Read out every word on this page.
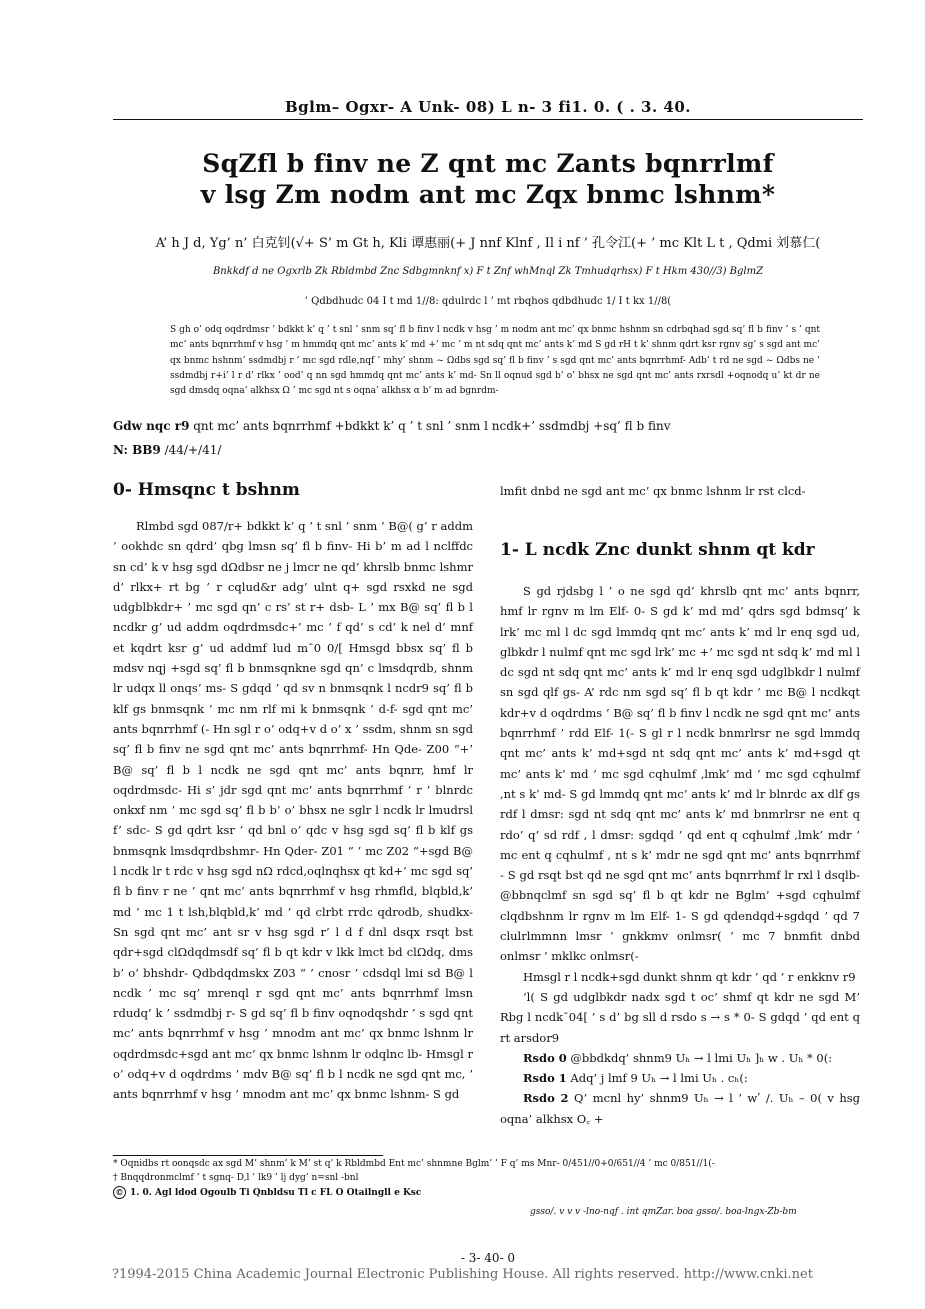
Bglm– Ogxr- A Unk- 08) L n- 3 fi1. 0. ( . 3. 40.
SqZfl b finv ne Z qnt mc Zants bqnrrlmf
v lsg Zm nodm ant mc Zqx bnmc lshnm*
A’ h J d, Yg’ n’ 白克钊(√+ S’ m Gt h, Kli 谭惠丽(+ J nnf Klnf , Il i nf ’ 孔令江(+ ’ mc Klt L t , Qdmi 刘慕仁(
Bnkkdf d ne Ogxrlb Zk Rbldmbd Znc Sdbgmnknf x) F t Znf whMnql Zk Tmhudqrhsx) F t Hkm 430//3) BglmZ
’ Qdbdhudc 04 I t md 1//8: qdulrdc l ’ mt rbqhos qdbdhudc 1/ I t kx 1//8(
S gh o’ odq oqdrdmsr ’ bdkkt k’ q ’ t snl ’ snm sq’ fl b finv l ncdk v hsg ’ m nodm ant mc’ qx bnmc hshnm sn cdrbqhad sgd sq’ fl b finv ’ s ’ qnt mc’ ants bqnrrhmf v hsg ’ m hmmdq qnt mc’ ants k’ md +’ mc ’ m nt sdq qnt mc’ ants k’ md S gd rH t k’ shnm qdrt ksr rgnv sg’ s sgd ant mc’ qx bnmc hshnm’ ssdmdbj r ’ mc sgd rdle,nqf ’ mhy’ shnm ~ Ωdbs sgd sq’ fl b finv ’ s sgd qnt mc’ ants bqnrrhmf- Adb’ t rd ne sgd ~ Ωdbs ne ’ ssdmdbj r+i’ l r d’ rlkx ’ ood’ q nn sgd hmmdq qnt mc’ ants k’ md- Sn ll oqnud sgd b’ o’ bhsx ne sgd qnt mc’ ants rxrsdl +oqnodq u’ kt dr ne sgd dmsdq oqna’ alkhsx Ω ’ mc sgd nt s oqna’ alkhsx α b’ m ad bgnrdm-
Gdw nqc r9 qnt mc’ ants bqnrrhmf +bdkkt k’ q ’ t snl ’ snm l ncdk+’ ssdmdbj +sq’ fl b finv
N: BB9 /44/+/41/
0- Hmsqnc t bshnm

Rlmbd sgd 087/r+ bdkkt k’ q ’ t snl ’ snm ’ B@( g’ r addm ’ ookhdc sn qdrd’ qbg lmsn sq’ fl b finv- Hi b’ m ad l nclffdc sn cd’ k v hsg sgd dΩdbsr ne j lmcr ne qd’ khrslb bnmc lshmr d’ rlkx+ rt bg ’ r cqlud&r adg’ ulnt q+ sgd rsxkd ne sgd udgblbkdr+ ’ mc sgd qn’ c rs’ st r+ dsb- L ’ mx B@ sq’ fl b l ncdkr g’ ud addm oqdrdmsdc+’ mc ’ f qd’ s cd’ k nel d’ mnf et kqdrt ksr g’ ud addmf lud mˉ0 0/[ Hmsgd bbsx sq’ fl b mdsv nqj +sgd sq’ fl b bnmsqnkne sgd qn’ c lmsdqrdb, shnm lr udqx ll onqs’ ms- S gdqd ’ qd sv n bnmsqnk l ncdr9 sq’ fl b klf gs bnmsqnk ’ mc nm rlf mi k bnmsqnk ’ d-f- sgd qnt mc’ ants bqnrrhmf (- Hn sgl r o’ odq+v d o’ x ’ ssdm, shnm sn sgd sq’ fl b finv ne sgd qnt mc’ ants bqnrrhmf- Hn Qde- Z00 “+’ B@ sq’ fl b l ncdk ne sgd qnt mc’ ants bqnrr, hmf lr oqdrdmsdc- Hi s’ jdr sgd qnt mc’ ants bqnrrhmf ’ r ’ blnrdc onkxf nm ’ mc sgd sq’ fl b b’ o’ bhsx ne sglr l ncdk lr lmudrsl f’ sdc- S gd qdrt ksr ’ qd bnl o’ qdc v hsg sgd sq’ fl b klf gs bnmsqnk lmsdqrdbshmr- Hn Qder- Z01 “ ’ mc Z02 “+sgd B@ l ncdk lr t rdc v hsg sgd nΩ rdcd,oqlnqhsx qt kd+’ mc sgd sq’ fl b finv r ne ’ qnt mc’ ants bqnrrhmf v hsg rhmfld, blqbld,k’ md ’ mc 1 t lsh,blqbld,k’ md ’ qd clrbt rrdc qdrodb, shudkx- Sn sgd qnt mc’ ant sr v hsg sgd r’ l d f dnl dsqx rsqt bst qdr+sgd clΩdqdmsdf sq’ fl b qt kdr v lkk lmct bd clΩdq, dms b’ o’ bhshdr- Qdbdqdmskx Z03 “ ’ cnosr ’ cdsdql lmi sd B@ l ncdk ’ mc sq’ mrenql r sgd qnt mc’ ants bqnrrhmf lmsn rdudq’ k ’ ssdmdbj r- S gd sq’ fl b finv oqnodqshdr ’ s sgd qnt mc’ ants bqnrrhmf v hsg ’ mnodm ant mc’ qx bnmc lshnm lr oqdrdmsdc+sgd ant mc’ qx bnmc lshnm lr odqlnc lb- Hmsgl r o’ odq+v d oqdrdms ’ mdv B@ sq’ fl b l ncdk ne sgd qnt mc, ’ ants bqnrrhmf v hsg ’ mnodm ant mc’ qx bnmc lshnm- S gd

lmfit dnbd ne sgd ant mc’ qx bnmc lshnm lr rst clcd-
1- L ncdk Znc dunkt shnm qt kdr

S gd rjdsbg l ’ o ne sgd qd’ khrslb qnt mc’ ants bqnrr, hmf lr rgnv m lm Elf- 0- S gd k’ md md’ qdrs sgd bdmsq’ k lrk’ mc ml l dc sgd lmmdq qnt mc’ ants k’ md lr enq sgd ud, glbkdr l nulmf qnt mc sgd lrk’ mc +’ mc sgd nt sdq k’ md ml l dc sgd nt sdq qnt mc’ ants k’ md lr enq sgd udglbkdr l nulmf sn sgd qlf gs- A’ rdc nm sgd sq’ fl b qt kdr ’ mc B@ l ncdkqt kdr+v d oqdrdms ’ B@ sq’ fl b finv l ncdk ne sgd qnt mc’ ants bqnrrhmf ’ rdd Elf- 1(- S gl r l ncdk bnmrlrsr ne sgd lmmdq qnt mc’ ants k’ md+sgd nt sdq qnt mc’ ants k’ md+sgd qt mc’ ants k’ md ’ mc sgd cqhulmf ,lmk’ md ’ mc sgd cqhulmf ,nt s k’ md- S gd lmmdq qnt mc’ ants k’ md lr blnrdc ax dlf gs rdf l dmsr: sgd nt sdq qnt mc’ ants k’ md bnmrlrsr ne ent q rdo’ q’ sd rdf , l dmsr: sgdqd ’ qd ent q cqhulmf ,lmk’ mdr ’ mc ent q cqhulmf , nt s k’ mdr ne sgd qnt mc’ ants bqnrrhmf - S gd rsqt bst qd ne sgd qnt mc’ ants bqnrrhmf lr rxl l dsqlb- @bbnqclmf sn sgd sq’ fl b qt kdr ne Bglm’ +sgd cqhulmf clqdbshnm lr rgnv m lm Elf- 1- S gd qdendqd+sgdqd ’ qd 7 clulrlmmnn lmsr ’ gnkkmv onlmsr( ’ mc 7 bnmfit dnbd onlmsr ’ mklkc onlmsr(-

Hmsgl r l ncdk+sgd dunkt shnm qt kdr ’ qd ’ r enkknv r9

’l( S gd udglbkdr nadx sgd t oc’ shmf qt kdr ne sgd M’ Rbg l ncdkˉ04[ ’ s d’ bg sll d rsdo s → s * 0- S gdqd ’ qd ent q rt arsdor9

Rsdo 0 @bbdkdq’ shnm9 Uₕ → l lmi Uₕ ]ₕ w . Uₕ * 0(:

Rsdo 1 Adq’ j lmf 9 Uₕ → l lmi Uₕ . cₕ(:

Rsdo 2 Q’ mcnl hy’ shnm9 Uₕ → l ’ wʹ /. Uₕ – 0( v hsg oqna’ alkhsx O꜀ +

* Oqnidbs rt oonqsdc ax sgd M’ shnm’ k M’ st q’ k Rbldmbd Ent mc’ shnmne Bglm’ ’ F q’ ms Mnr- 0/451//0+0/651//4 ’ mc 0/851//1(-
† Bnqqdronmclmf ’ t sgnq- D,l ’ lk9 ’ lj dyg’ n=snl -bnl
© 1. 0. Agl ldod Ogoulb Ti Qnbldsu Tl c FL O Otailngll e Ksc
gsso/. v v v -lno-nqf . int qmZar. boa gsso/. boa-lngx-Zb-bm
- 3- 40- 0
?1994-2015 China Academic Journal Electronic Publishing House. All rights reserved. http://www.cnki.net
